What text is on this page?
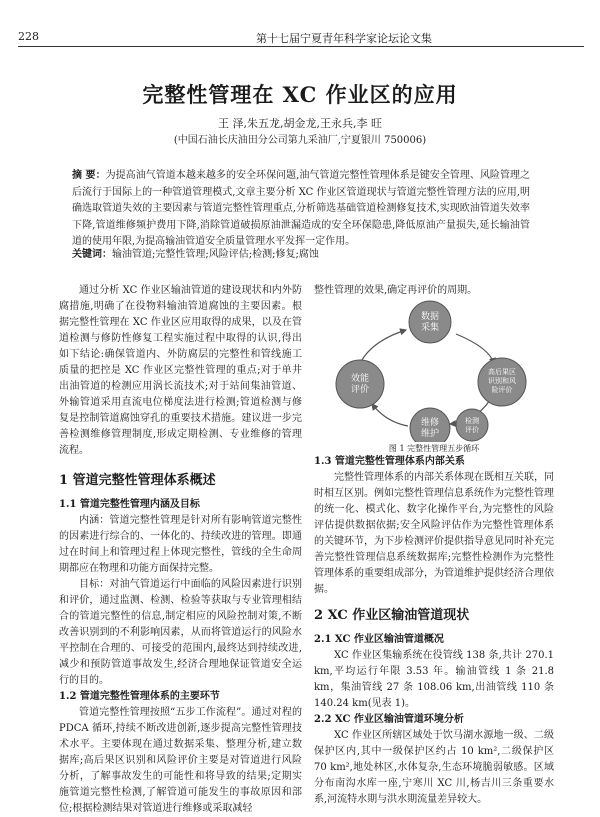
228	第十七届宁夏青年科学家论坛论文集
完整性管理在 XC 作业区的应用
王 泽,朱五龙,胡金龙,王永兵,李 旺
(中国石油长庆油田分公司第九采油厂,宁夏银川 750006)
摘 要：为提高油气管道本越来越多的安全环保问题,油气管道完整性管理体系是键安全管理、风险管理之后流行于国际上的一种管道管理模式,文章主要分析 XC 作业区管道现状与管道完整性管理方法的应用,明确选取管道失效的主要因素与管道完整性管理重点,分析筛选基础管道检测修复技术,实现欧油管道失效率下降,管道维修频护费用下降,消除管道破损原油泄漏造成的安全环保隐患,降低原油产量损失,延长输油管道的使用年限,为提高输油管道安全质量管理水平发挥一定作用。
关键词：输油管道;完整性管理;风险评估;检测;修复;腐蚀

通过分析 XC 作业区输油管道的建设现状和内外防腐措施,明确了在役物料输油管道腐蚀的主要因素。根据完整性管理在 XC 作业区应用取得的成果，以及在管道检测与修防性修复工程实施过程中取得的认识,得出如下结论:确保管道内、外防腐层的完整性和管线施工质量的把控是 XC 作业区完整性管理的重点;对于单井出油管道的检测应用涡长流技术;对于站间集油管道、外输管道采用直流电位梯度法进行检测;管道检测与修复是控制管道腐蚀穿孔的重要技术措施。建议进一步完善检测维修管理制度,形成定期检测、专业维修的管理流程。

1 管道完整性管理体系概述
1.1 管道完整性管理内涵及目标

内涵：管道完整性管理是针对所有影响管道完整性的因素进行综合的、一体化的、持续改进的管理。即通过在时间上和管理过程上体现完整性，管线的全生命周期都应在物理和功能方面保持完整。

目标：对油气管道运行中面临的风险因素进行识别和评价，通过监测、检测、检验等获取与专业管理相结合的管道完整性的信息,制定相应的风险控制对策,不断改善识别到的不利影响因素，从而将管道运行的风险水平控制在合理的、可接受的范围内,最终达到持续改进,减少和预防管道事故发生,经济合理地保证管道安全运行的目的。

1.2 管道完整性管理体系的主要环节

管道完整性管理按照“五步工作流程”。通过对程的 PDCA 循环,持续不断改进创新,逐步提高完整性管理技术水平。主要体现在通过数据采集、整理分析,建立数据库;高后果区识别和风险评价主要是对管道进行风险分析，了解事故发生的可能性和将导致的结果;定期实施管道完整性检测,了解管道可能发生的事故原因和部位;根据检测结果对管道进行维修或采取减轻

整性管理的效果,确定再评价的周期。
数据采集
高后果区识别和风险评价
检测评价
维修维护
效能评价
图 1 完整性管理五步循环
1.3 管道完整性管理体系内部关系

完整性管理体系的内部关系体现在既相互关联，同时相互区别。例如完整性管理信息系统作为完整性管理的统一化、模式化、数字化操作平台,为完整性的风险评估提供数据依据;安全风险评估作为完整性管理体系的关键环节，为下步检测评价提供指导意见同时补充完善完整性管理信息系统数据库;完整性检测作为完整性管理体系的重要组成部分，为管道维护提供经济合理依据。

2 XC 作业区输油管道现状
2.1 XC 作业区输油管道概况

XC 作业区集输系统在役管线 138 条,共计 270.1 km,平均运行年限 3.53 年。输油管线 1 条 21.8 km，集油管线 27 条 108.06 km,出油管线 110 条 140.24 km(见表 1)。

2.2 XC 作业区输油管道环境分析

XC 作业区所辖区域处于饮马湖水源地一级、二级保护区内,其中一级保护区约占 10 km²,二级保护区 70 km²,地处林区,水体复杂,生态环境脆弱敏感。区域分布南沟水库一座,宁寒川 XC 川,杨吉川三条重要水系,河流特水期与洪水期流量差异较大。
